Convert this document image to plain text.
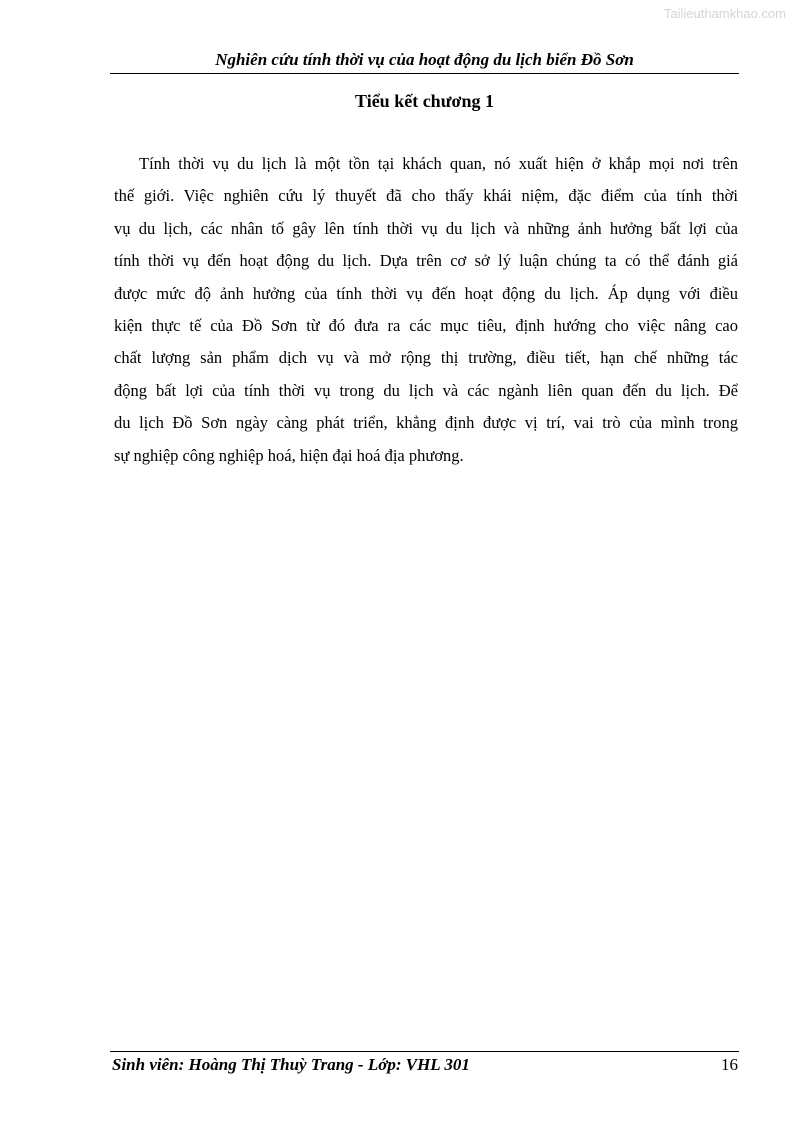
Tailieuthamkhao.com
Nghiên cứu tính thời vụ của hoạt động du lịch biển Đồ Sơn
Tiểu kết chương 1

Tính thời vụ du lịch là một tồn tại khách quan, nó xuất hiện ở khắp mọi nơi trên
thế giới. Việc nghiên cứu lý thuyết đã cho thấy khái niệm, đặc điểm của tính thời
vụ du lịch, các nhân tố gây lên tính thời vụ du lịch và những ảnh hưởng bất lợi của
tính thời vụ đến hoạt động du lịch. Dựa trên cơ sở lý luận chúng ta có thể đánh giá
được mức độ ảnh hưởng của tính thời vụ đến hoạt động du lịch. Áp dụng với điều
kiện thực tế của Đồ Sơn từ đó đưa ra các mục tiêu, định hướng cho việc nâng cao
chất lượng sản phẩm dịch vụ và mở rộng thị trường, điều tiết, hạn chế những tác
động bất lợi của tính thời vụ trong du lịch và các ngành liên quan đến du lịch. Để
du lịch Đồ Sơn ngày càng phát triển, khẳng định được vị trí, vai trò của mình trong
sự nghiệp công nghiệp hoá, hiện đại hoá địa phương.

Sinh viên: Hoàng Thị Thuỳ Trang - Lớp: VHL 301	16
